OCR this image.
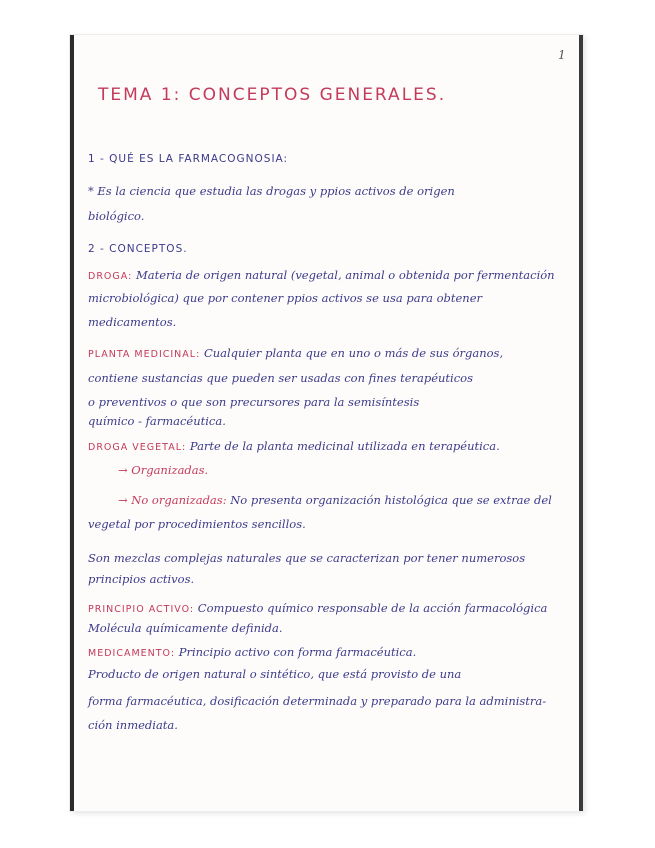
1
TEMA 1: CONCEPTOS GENERALES.
1 - QUÉ ES LA FARMACOGNOSIA:
* Es la ciencia que estudia las drogas y ppios activos de origen
biológico.
2 - CONCEPTOS.
DROGA: Materia de origen natural (vegetal, animal o obtenida por fermentación
microbiológica) que por contener ppios activos se usa para obtener
medicamentos.
PLANTA MEDICINAL: Cualquier planta que en uno o más de sus órganos,
contiene sustancias que pueden ser usadas con fines terapéuticos
o preventivos o que son precursores para la semisíntesis
químico - farmacéutica.
DROGA VEGETAL: Parte de la planta medicinal utilizada en terapéutica.
→ Organizadas.
→ No organizadas: No presenta organización histológica que se extrae del
vegetal por procedimientos sencillos.
Son mezclas complejas naturales que se caracterizan por tener numerosos
principios activos.
PRINCIPIO ACTIVO: Compuesto químico responsable de la acción farmacológica
Molécula químicamente definida.
MEDICAMENTO: Principio activo con forma farmacéutica.
Producto de origen natural o sintético, que está provisto de una
forma farmacéutica, dosificación determinada y preparado para la administra-
ción inmediata.
